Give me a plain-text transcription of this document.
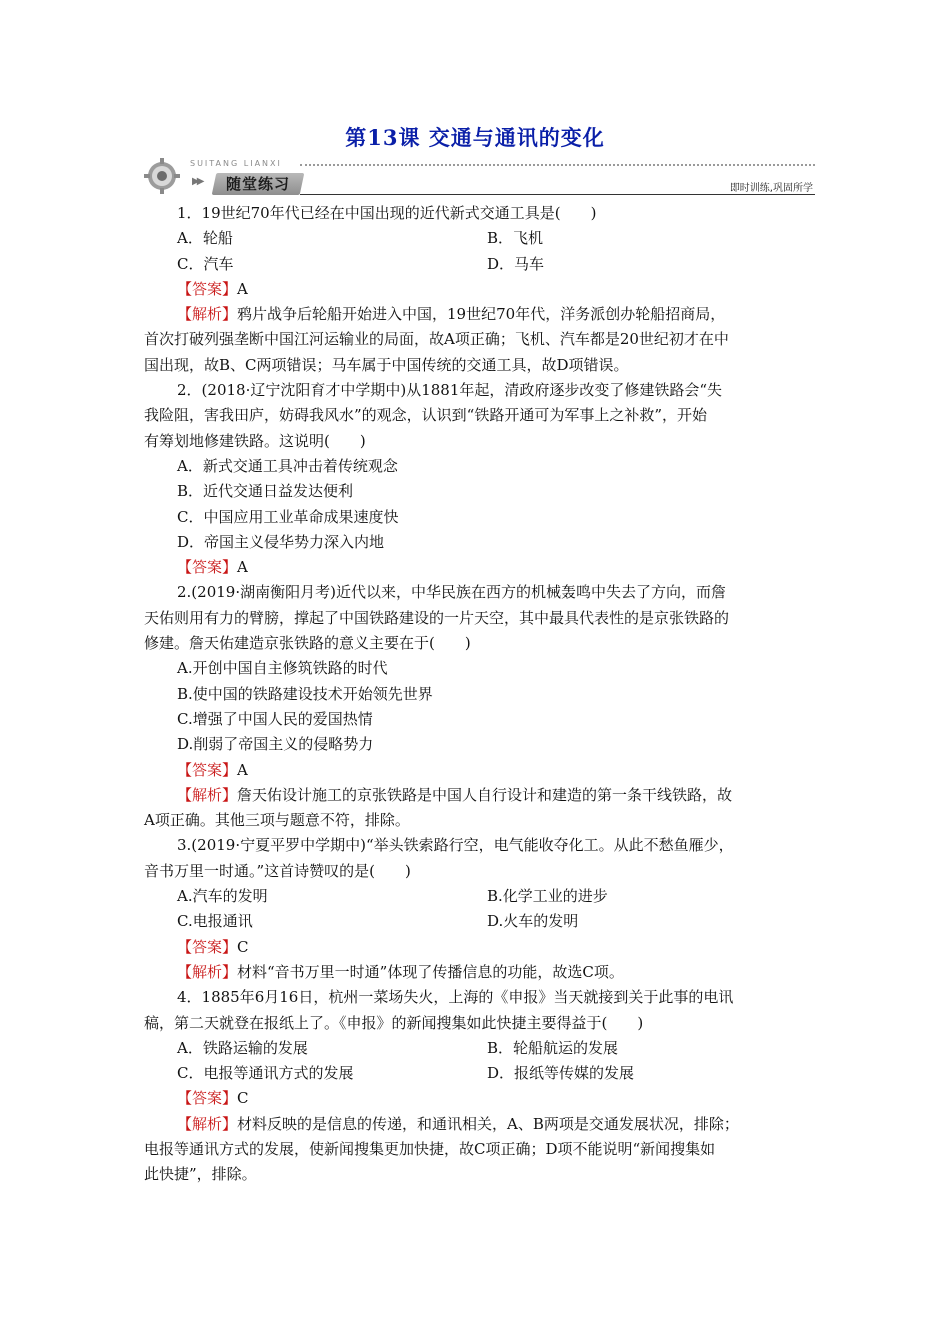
第13课 交通与通讯的变化
SUITANG LIANXI
▶▶	随堂练习	即时训练,巩固所学

1．19世纪70年代已经在中国出现的近代新式交通工具是(　　)

A．轮船	B．飞机
C．汽车	D．马车

【答案】A

【解析】鸦片战争后轮船开始进入中国，19世纪70年代，洋务派创办轮船招商局，

首次打破列强垄断中国江河运输业的局面，故A项正确；飞机、汽车都是20世纪初才在中

国出现，故B、C两项错误；马车属于中国传统的交通工具，故D项错误。

2．(2018·辽宁沈阳育才中学期中)从1881年起，清政府逐步改变了修建铁路会“失

我险阻，害我田庐，妨碍我风水”的观念，认识到“铁路开通可为军事上之补救”，开始

有筹划地修建铁路。这说明(　　)

A．新式交通工具冲击着传统观念

B．近代交通日益发达便利

C．中国应用工业革命成果速度快

D．帝国主义侵华势力深入内地

【答案】A

2.(2019·湖南衡阳月考)近代以来，中华民族在西方的机械轰鸣中失去了方向，而詹

天佑则用有力的臂膀，撑起了中国铁路建设的一片天空，其中最具代表性的是京张铁路的

修建。詹天佑建造京张铁路的意义主要在于(　　)

A.开创中国自主修筑铁路的时代

B.使中国的铁路建设技术开始领先世界

C.增强了中国人民的爱国热情

D.削弱了帝国主义的侵略势力

【答案】A

【解析】詹天佑设计施工的京张铁路是中国人自行设计和建造的第一条干线铁路，故

A项正确。其他三项与题意不符，排除。

3.(2019·宁夏平罗中学期中)“举头铁索路行空，电气能收夺化工。从此不愁鱼雁少，

音书万里一时通。”这首诗赞叹的是(　　)

A.汽车的发明	B.化学工业的进步
C.电报通讯	D.火车的发明

【答案】C

【解析】材料“音书万里一时通”体现了传播信息的功能，故选C项。

4．1885年6月16日，杭州一菜场失火，上海的《申报》当天就接到关于此事的电讯

稿，第二天就登在报纸上了。《申报》的新闻搜集如此快捷主要得益于(　　)

A．铁路运输的发展	B．轮船航运的发展
C．电报等通讯方式的发展	D．报纸等传媒的发展

【答案】C

【解析】材料反映的是信息的传递，和通讯相关，A、B两项是交通发展状况，排除；

电报等通讯方式的发展，使新闻搜集更加快捷，故C项正确；D项不能说明“新闻搜集如

此快捷”，排除。
